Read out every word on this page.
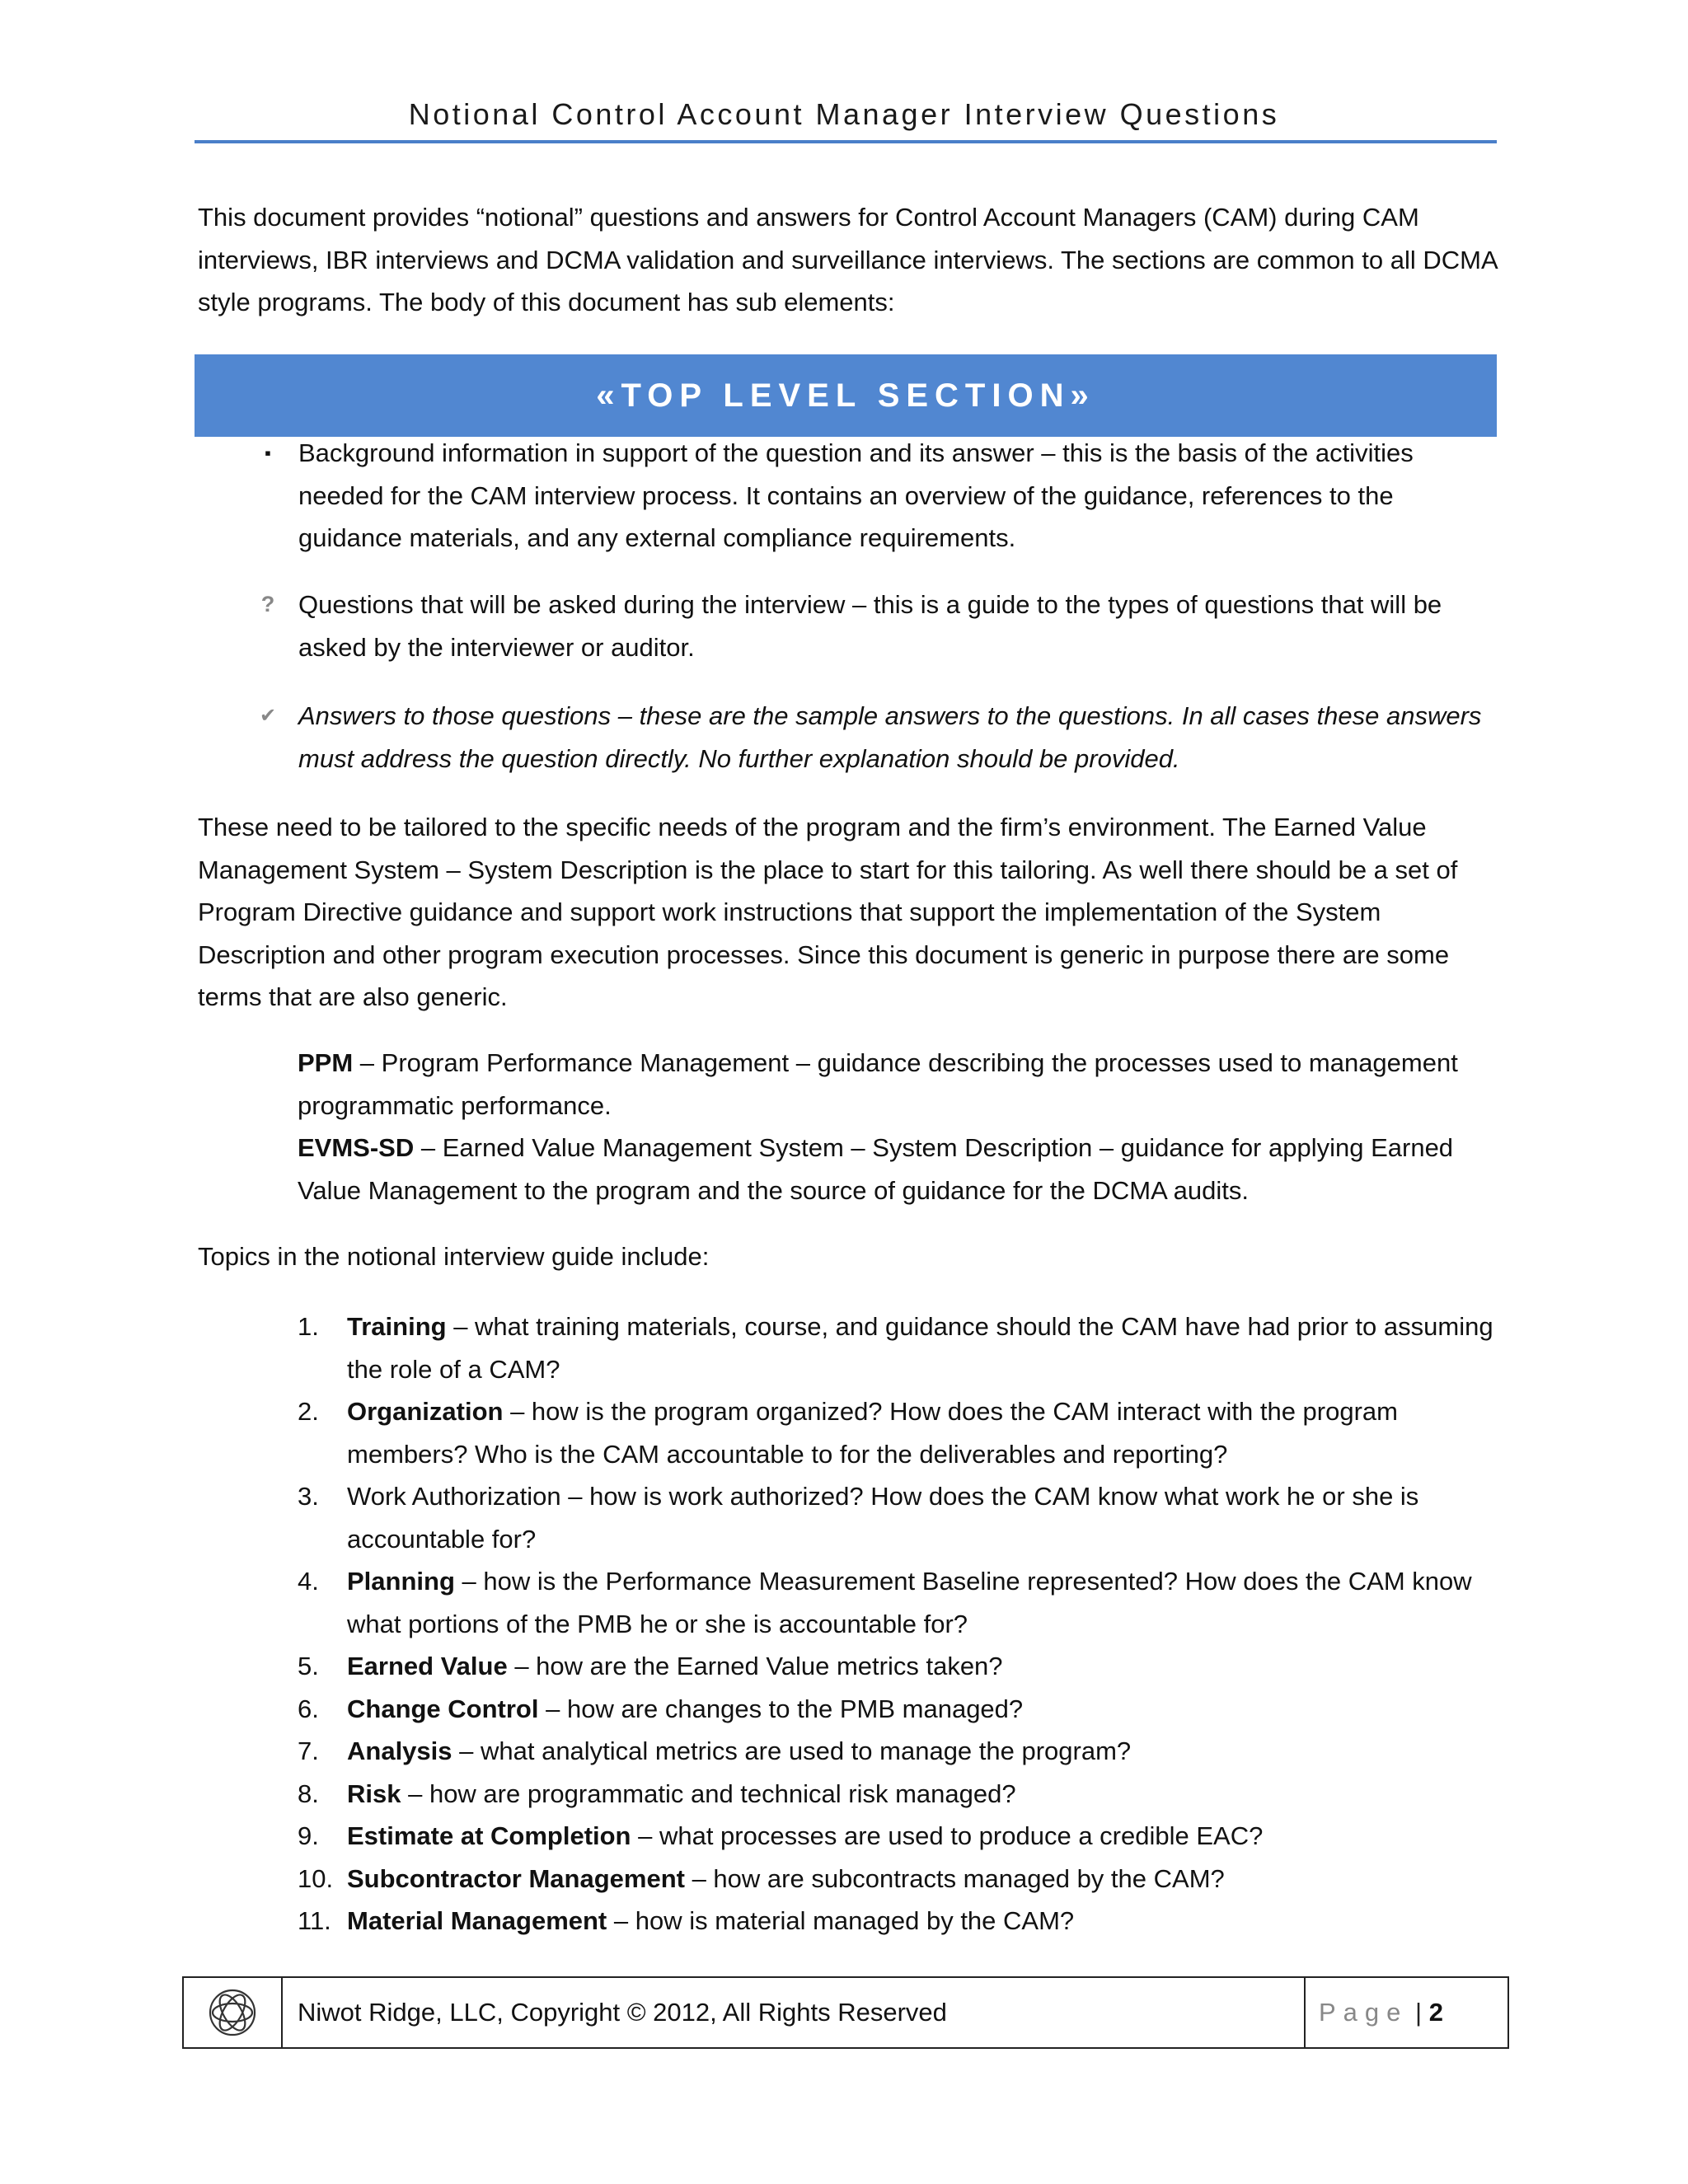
Notional Control Account Manager Interview Questions

This document provides “notional” questions and answers for Control Account Managers (CAM) during CAM interviews, IBR interviews and DCMA validation and surveillance interviews. The sections are common to all DCMA style programs. The body of this document has sub elements:

«TOP LEVEL SECTION»
▪	Background information in support of the question and its answer – this is the basis of the activities needed for the CAM interview process. It contains an overview of the guidance, references to the guidance materials, and any external compliance requirements.
? Questions that will be asked during the interview – this is a guide to the types of questions that will be asked by the interviewer or auditor.
✔ Answers to those questions – these are the sample answers to the questions. In all cases these answers must address the question directly. No further explanation should be provided.

These need to be tailored to the specific needs of the program and the firm’s environment. The Earned Value Management System – System Description is the place to start for this tailoring. As well there should be a set of Program Directive guidance and support work instructions that support the implementation of the System Description and other program execution processes. Since this document is generic in purpose there are some terms that are also generic.

PPM – Program Performance Management – guidance describing the processes used to management programmatic performance.
EVMS-SD – Earned Value Management System – System Description – guidance for applying Earned Value Management to the program and the source of guidance for the DCMA audits.

Topics in the notional interview guide include:

1. Training – what training materials, course, and guidance should the CAM have had prior to assuming the role of a CAM?
2. Organization – how is the program organized? How does the CAM interact with the program members? Who is the CAM accountable to for the deliverables and reporting?
3. Work Authorization – how is work authorized? How does the CAM know what work he or she is accountable for?
4. Planning – how is the Performance Measurement Baseline represented? How does the CAM know what portions of the PMB he or she is accountable for?
5. Earned Value – how are the Earned Value metrics taken?
6. Change Control – how are changes to the PMB managed?
7. Analysis – what analytical metrics are used to manage the program?
8. Risk – how are programmatic and technical risk managed?
9. Estimate at Completion – what processes are used to produce a credible EAC?
10. Subcontractor Management – how are subcontracts managed by the CAM?
11. Material Management – how is material managed by the CAM?
Niwot Ridge, LLC, Copyright © 2012, All Rights Reserved	Page | 2
